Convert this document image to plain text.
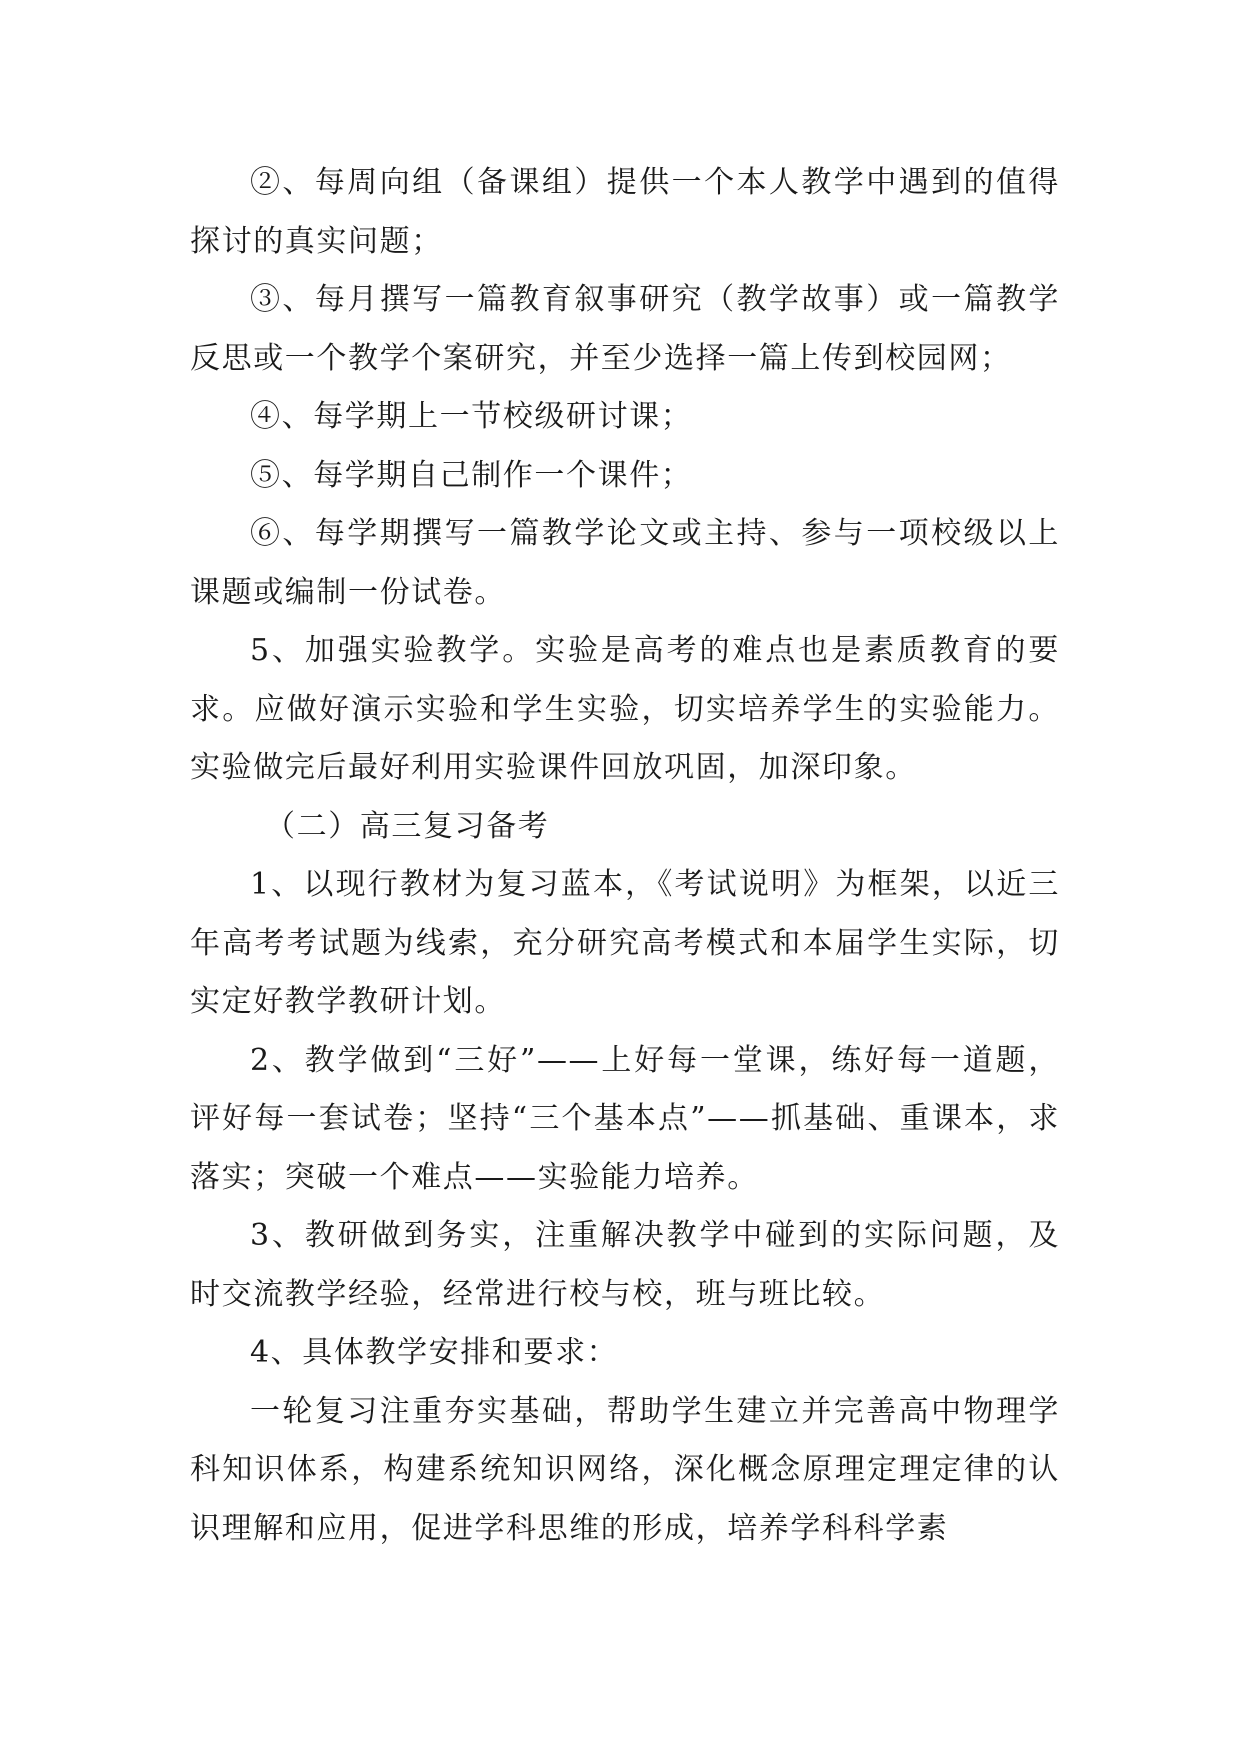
②、每周向组（备课组）提供一个本人教学中遇到的值得探讨的真实问题；

③、每月撰写一篇教育叙事研究（教学故事）或一篇教学反思或一个教学个案研究，并至少选择一篇上传到校园网；

④、每学期上一节校级研讨课；

⑤、每学期自己制作一个课件；

⑥、每学期撰写一篇教学论文或主持、参与一项校级以上课题或编制一份试卷。

5、加强实验教学。实验是高考的难点也是素质教育的要求。应做好演示实验和学生实验，切实培养学生的实验能力。实验做完后最好利用实验课件回放巩固，加深印象。

（二）高三复习备考

1、以现行教材为复习蓝本，《考试说明》为框架，以近三年高考考试题为线索，充分研究高考模式和本届学生实际，切实定好教学教研计划。

2、教学做到“三好”——上好每一堂课，练好每一道题，评好每一套试卷；坚持“三个基本点”——抓基础、重课本，求落实；突破一个难点——实验能力培养。

3、教研做到务实，注重解决教学中碰到的实际问题，及时交流教学经验，经常进行校与校，班与班比较。

4、具体教学安排和要求：

一轮复习注重夯实基础，帮助学生建立并完善高中物理学科知识体系，构建系统知识网络，深化概念原理定理定律的认识理解和应用，促进学科思维的形成，培养学科科学素
